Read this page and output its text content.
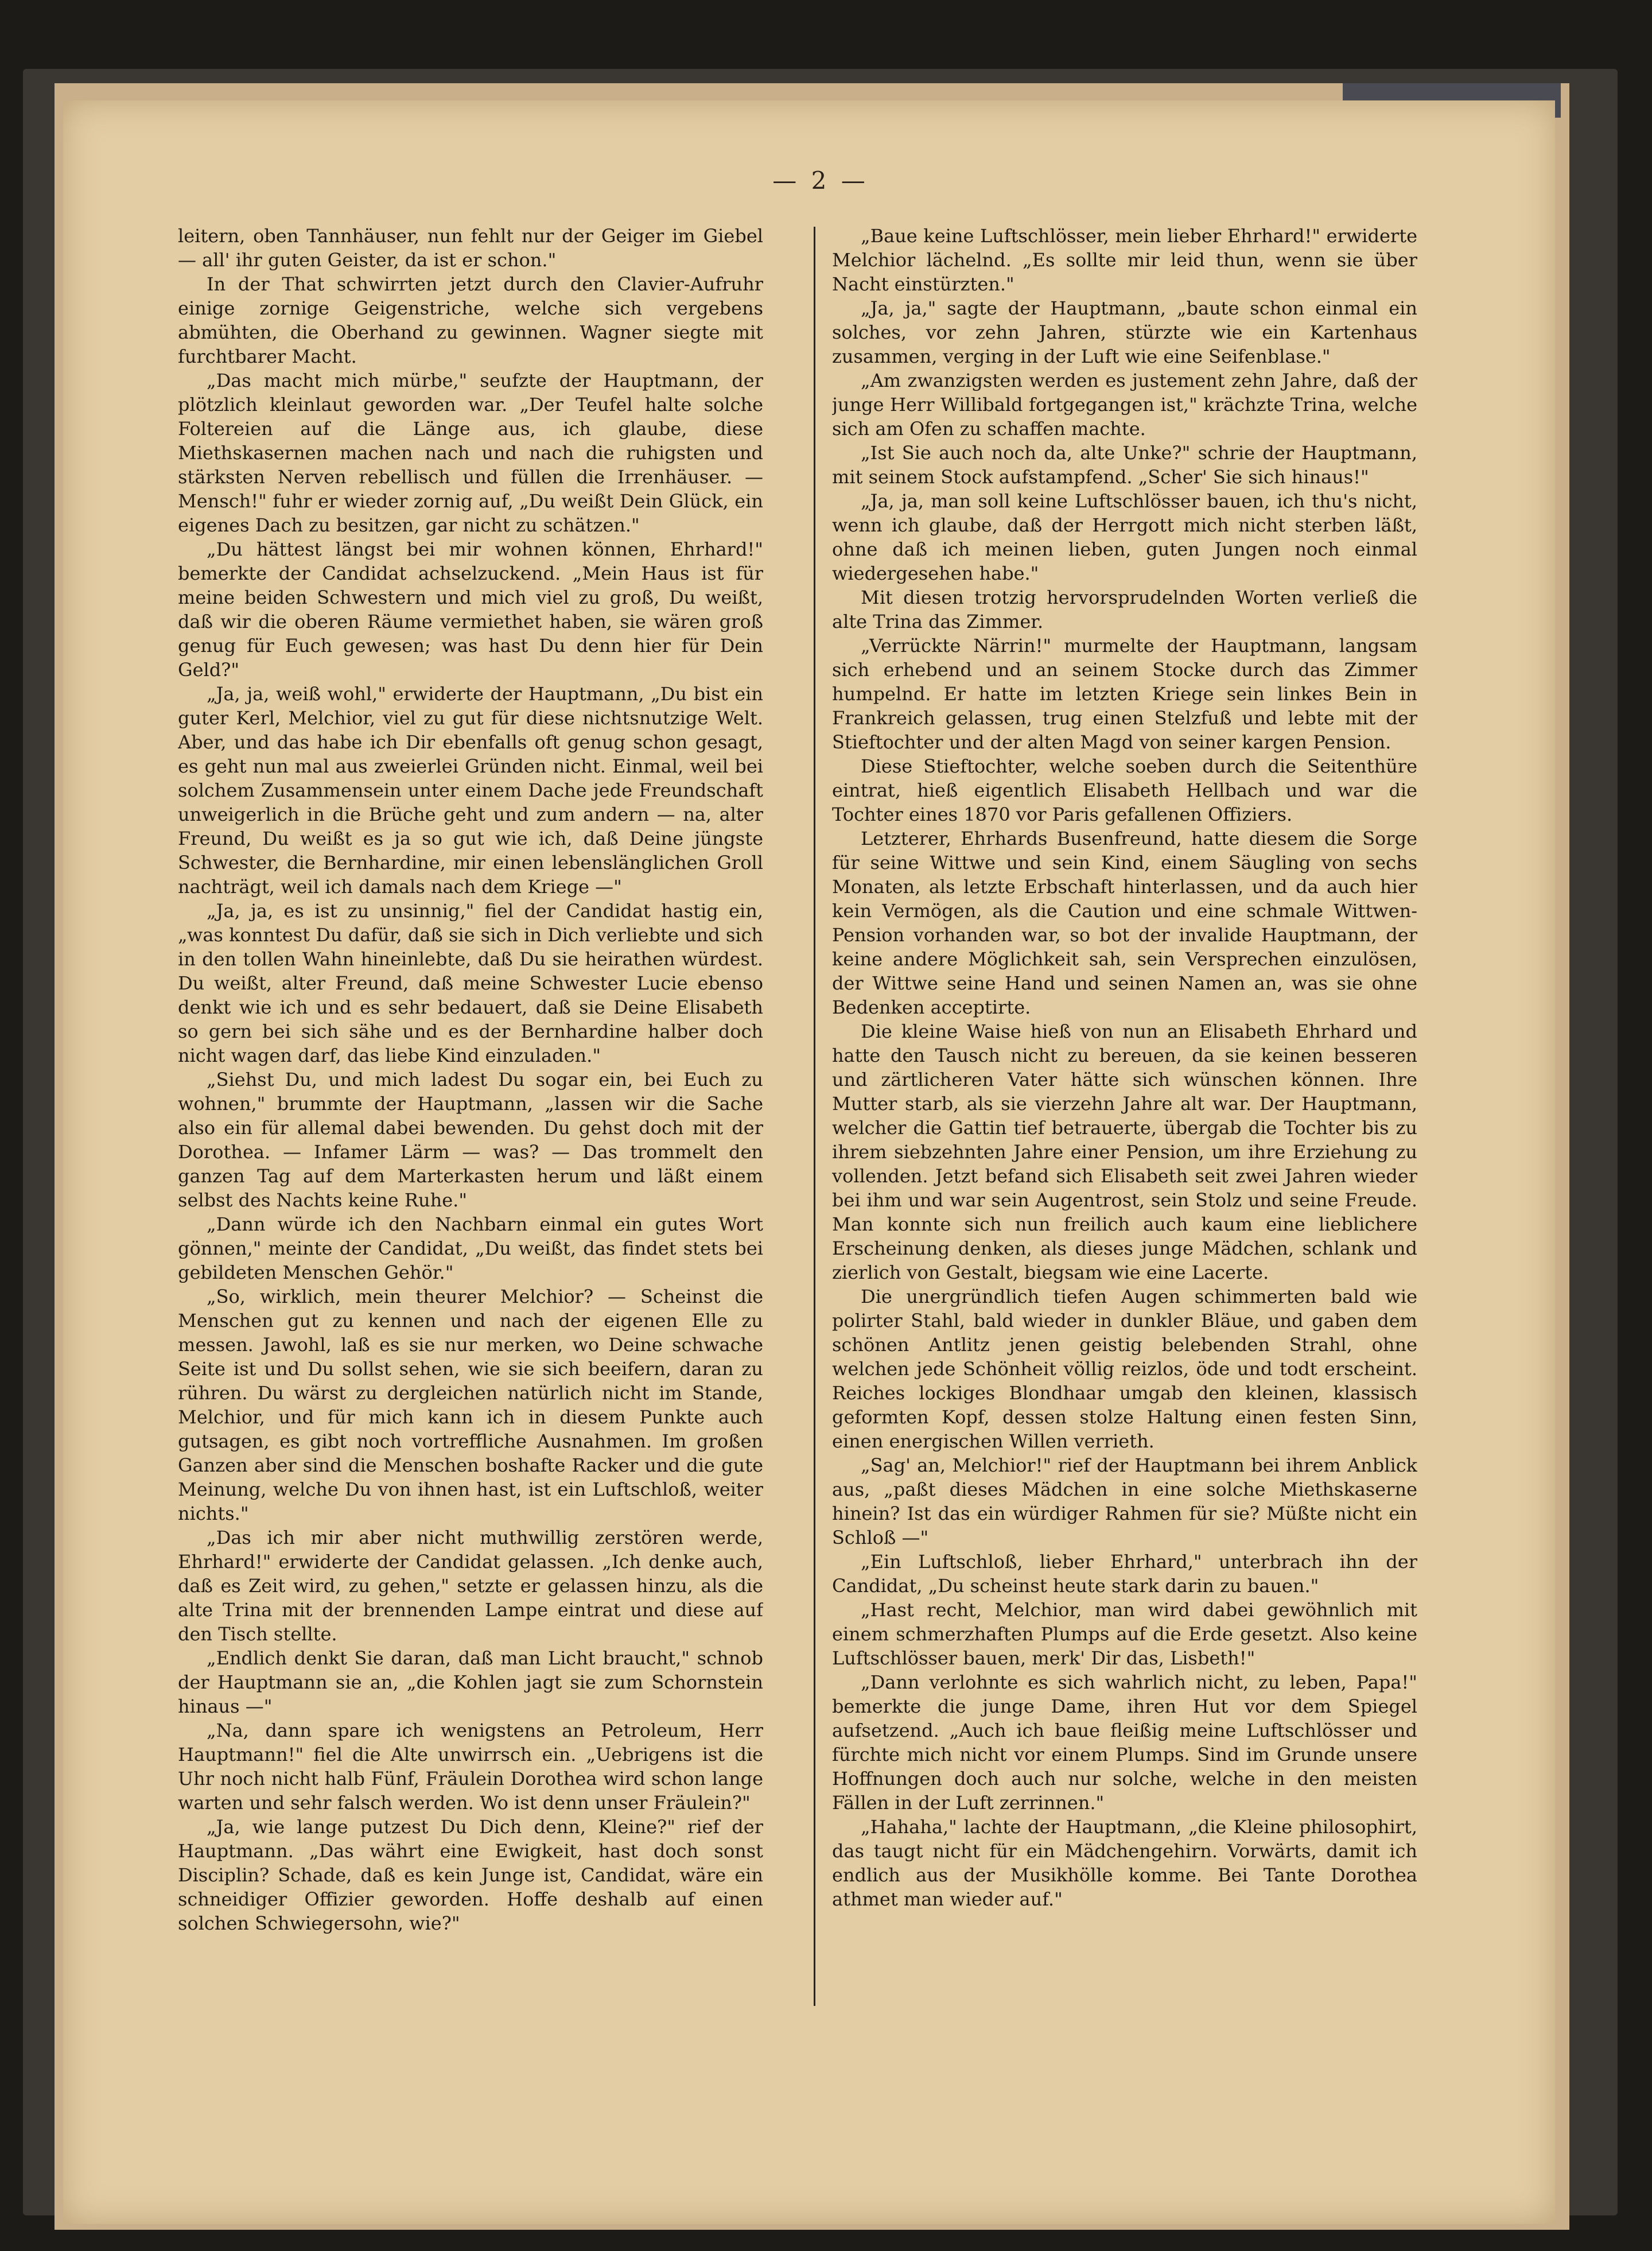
— 2 —

leitern, oben Tannhäuser, nun fehlt nur der Geiger im Giebel — all' ihr guten Geister, da ist er schon."

In der That schwirrten jetzt durch den Clavier-Aufruhr einige zornige Geigenstriche, welche sich vergebens abmühten, die Oberhand zu gewinnen. Wagner siegte mit furchtbarer Macht.

„Das macht mich mürbe," seufzte der Hauptmann, der plötzlich kleinlaut geworden war. „Der Teufel halte solche Foltereien auf die Länge aus, ich glaube, diese Miethskasernen machen nach und nach die ruhigsten und stärksten Nerven rebellisch und füllen die Irrenhäuser. — Mensch!" fuhr er wieder zornig auf, „Du weißt Dein Glück, ein eigenes Dach zu besitzen, gar nicht zu schätzen."

„Du hättest längst bei mir wohnen können, Ehrhard!" bemerkte der Candidat achselzuckend. „Mein Haus ist für meine beiden Schwestern und mich viel zu groß, Du weißt, daß wir die oberen Räume vermiethet haben, sie wären groß genug für Euch gewesen; was hast Du denn hier für Dein Geld?"

„Ja, ja, weiß wohl," erwiderte der Hauptmann, „Du bist ein guter Kerl, Melchior, viel zu gut für diese nichtsnutzige Welt. Aber, und das habe ich Dir ebenfalls oft genug schon gesagt, es geht nun mal aus zweierlei Gründen nicht. Einmal, weil bei solchem Zusammensein unter einem Dache jede Freundschaft unweigerlich in die Brüche geht und zum andern — na, alter Freund, Du weißt es ja so gut wie ich, daß Deine jüngste Schwester, die Bernhardine, mir einen lebenslänglichen Groll nachträgt, weil ich damals nach dem Kriege —"

„Ja, ja, es ist zu unsinnig," fiel der Candidat hastig ein, „was konntest Du dafür, daß sie sich in Dich verliebte und sich in den tollen Wahn hineinlebte, daß Du sie heirathen würdest. Du weißt, alter Freund, daß meine Schwester Lucie ebenso denkt wie ich und es sehr bedauert, daß sie Deine Elisabeth so gern bei sich sähe und es der Bernhardine halber doch nicht wagen darf, das liebe Kind einzuladen."

„Siehst Du, und mich ladest Du sogar ein, bei Euch zu wohnen," brummte der Hauptmann, „lassen wir die Sache also ein für allemal dabei bewenden. Du gehst doch mit der Dorothea. — Infamer Lärm — was? — Das trommelt den ganzen Tag auf dem Marterkasten herum und läßt einem selbst des Nachts keine Ruhe."

„Dann würde ich den Nachbarn einmal ein gutes Wort gönnen," meinte der Candidat, „Du weißt, das findet stets bei gebildeten Menschen Gehör."

„So, wirklich, mein theurer Melchior? — Scheinst die Menschen gut zu kennen und nach der eigenen Elle zu messen. Jawohl, laß es sie nur merken, wo Deine schwache Seite ist und Du sollst sehen, wie sie sich beeifern, daran zu rühren. Du wärst zu dergleichen natürlich nicht im Stande, Melchior, und für mich kann ich in diesem Punkte auch gutsagen, es gibt noch vortreffliche Ausnahmen. Im großen Ganzen aber sind die Menschen boshafte Racker und die gute Meinung, welche Du von ihnen hast, ist ein Luftschloß, weiter nichts."

„Das ich mir aber nicht muthwillig zerstören werde, Ehrhard!" erwiderte der Candidat gelassen. „Ich denke auch, daß es Zeit wird, zu gehen," setzte er gelassen hinzu, als die alte Trina mit der brennenden Lampe eintrat und diese auf den Tisch stellte.

„Endlich denkt Sie daran, daß man Licht braucht," schnob der Hauptmann sie an, „die Kohlen jagt sie zum Schornstein hinaus —"

„Na, dann spare ich wenigstens an Petroleum, Herr Hauptmann!" fiel die Alte unwirrsch ein. „Uebrigens ist die Uhr noch nicht halb Fünf, Fräulein Dorothea wird schon lange warten und sehr falsch werden. Wo ist denn unser Fräulein?"

„Ja, wie lange putzest Du Dich denn, Kleine?" rief der Hauptmann. „Das währt eine Ewigkeit, hast doch sonst Disciplin? Schade, daß es kein Junge ist, Candidat, wäre ein schneidiger Offizier geworden. Hoffe deshalb auf einen solchen Schwiegersohn, wie?"

„Baue keine Luftschlösser, mein lieber Ehrhard!" erwiderte Melchior lächelnd. „Es sollte mir leid thun, wenn sie über Nacht einstürzten."

„Ja, ja," sagte der Hauptmann, „baute schon einmal ein solches, vor zehn Jahren, stürzte wie ein Kartenhaus zusammen, verging in der Luft wie eine Seifenblase."

„Am zwanzigsten werden es justement zehn Jahre, daß der junge Herr Willibald fortgegangen ist," krächzte Trina, welche sich am Ofen zu schaffen machte.

„Ist Sie auch noch da, alte Unke?" schrie der Hauptmann, mit seinem Stock aufstampfend. „Scher' Sie sich hinaus!"

„Ja, ja, man soll keine Luftschlösser bauen, ich thu's nicht, wenn ich glaube, daß der Herrgott mich nicht sterben läßt, ohne daß ich meinen lieben, guten Jungen noch einmal wiedergesehen habe."

Mit diesen trotzig hervorsprudelnden Worten verließ die alte Trina das Zimmer.

„Verrückte Närrin!" murmelte der Hauptmann, langsam sich erhebend und an seinem Stocke durch das Zimmer humpelnd. Er hatte im letzten Kriege sein linkes Bein in Frankreich gelassen, trug einen Stelzfuß und lebte mit der Stieftochter und der alten Magd von seiner kargen Pension.

Diese Stieftochter, welche soeben durch die Seitenthüre eintrat, hieß eigentlich Elisabeth Hellbach und war die Tochter eines 1870 vor Paris gefallenen Offiziers.

Letzterer, Ehrhards Busenfreund, hatte diesem die Sorge für seine Wittwe und sein Kind, einem Säugling von sechs Monaten, als letzte Erbschaft hinterlassen, und da auch hier kein Vermögen, als die Caution und eine schmale Wittwen-Pension vorhanden war, so bot der invalide Hauptmann, der keine andere Möglichkeit sah, sein Versprechen einzulösen, der Wittwe seine Hand und seinen Namen an, was sie ohne Bedenken acceptirte.

Die kleine Waise hieß von nun an Elisabeth Ehrhard und hatte den Tausch nicht zu bereuen, da sie keinen besseren und zärtlicheren Vater hätte sich wünschen können. Ihre Mutter starb, als sie vierzehn Jahre alt war. Der Hauptmann, welcher die Gattin tief betrauerte, übergab die Tochter bis zu ihrem siebzehnten Jahre einer Pension, um ihre Erziehung zu vollenden. Jetzt befand sich Elisabeth seit zwei Jahren wieder bei ihm und war sein Augentrost, sein Stolz und seine Freude. Man konnte sich nun freilich auch kaum eine lieblichere Erscheinung denken, als dieses junge Mädchen, schlank und zierlich von Gestalt, biegsam wie eine Lacerte.

Die unergründlich tiefen Augen schimmerten bald wie polirter Stahl, bald wieder in dunkler Bläue, und gaben dem schönen Antlitz jenen geistig belebenden Strahl, ohne welchen jede Schönheit völlig reizlos, öde und todt erscheint. Reiches lockiges Blondhaar umgab den kleinen, klassisch geformten Kopf, dessen stolze Haltung einen festen Sinn, einen energischen Willen verrieth.

„Sag' an, Melchior!" rief der Hauptmann bei ihrem Anblick aus, „paßt dieses Mädchen in eine solche Miethskaserne hinein? Ist das ein würdiger Rahmen für sie? Müßte nicht ein Schloß —"

„Ein Luftschloß, lieber Ehrhard," unterbrach ihn der Candidat, „Du scheinst heute stark darin zu bauen."

„Hast recht, Melchior, man wird dabei gewöhnlich mit einem schmerzhaften Plumps auf die Erde gesetzt. Also keine Luftschlösser bauen, merk' Dir das, Lisbeth!"

„Dann verlohnte es sich wahrlich nicht, zu leben, Papa!" bemerkte die junge Dame, ihren Hut vor dem Spiegel aufsetzend. „Auch ich baue fleißig meine Luftschlösser und fürchte mich nicht vor einem Plumps. Sind im Grunde unsere Hoffnungen doch auch nur solche, welche in den meisten Fällen in der Luft zerrinnen."

„Hahaha," lachte der Hauptmann, „die Kleine philosophirt, das taugt nicht für ein Mädchengehirn. Vorwärts, damit ich endlich aus der Musikhölle komme. Bei Tante Dorothea athmet man wieder auf."
